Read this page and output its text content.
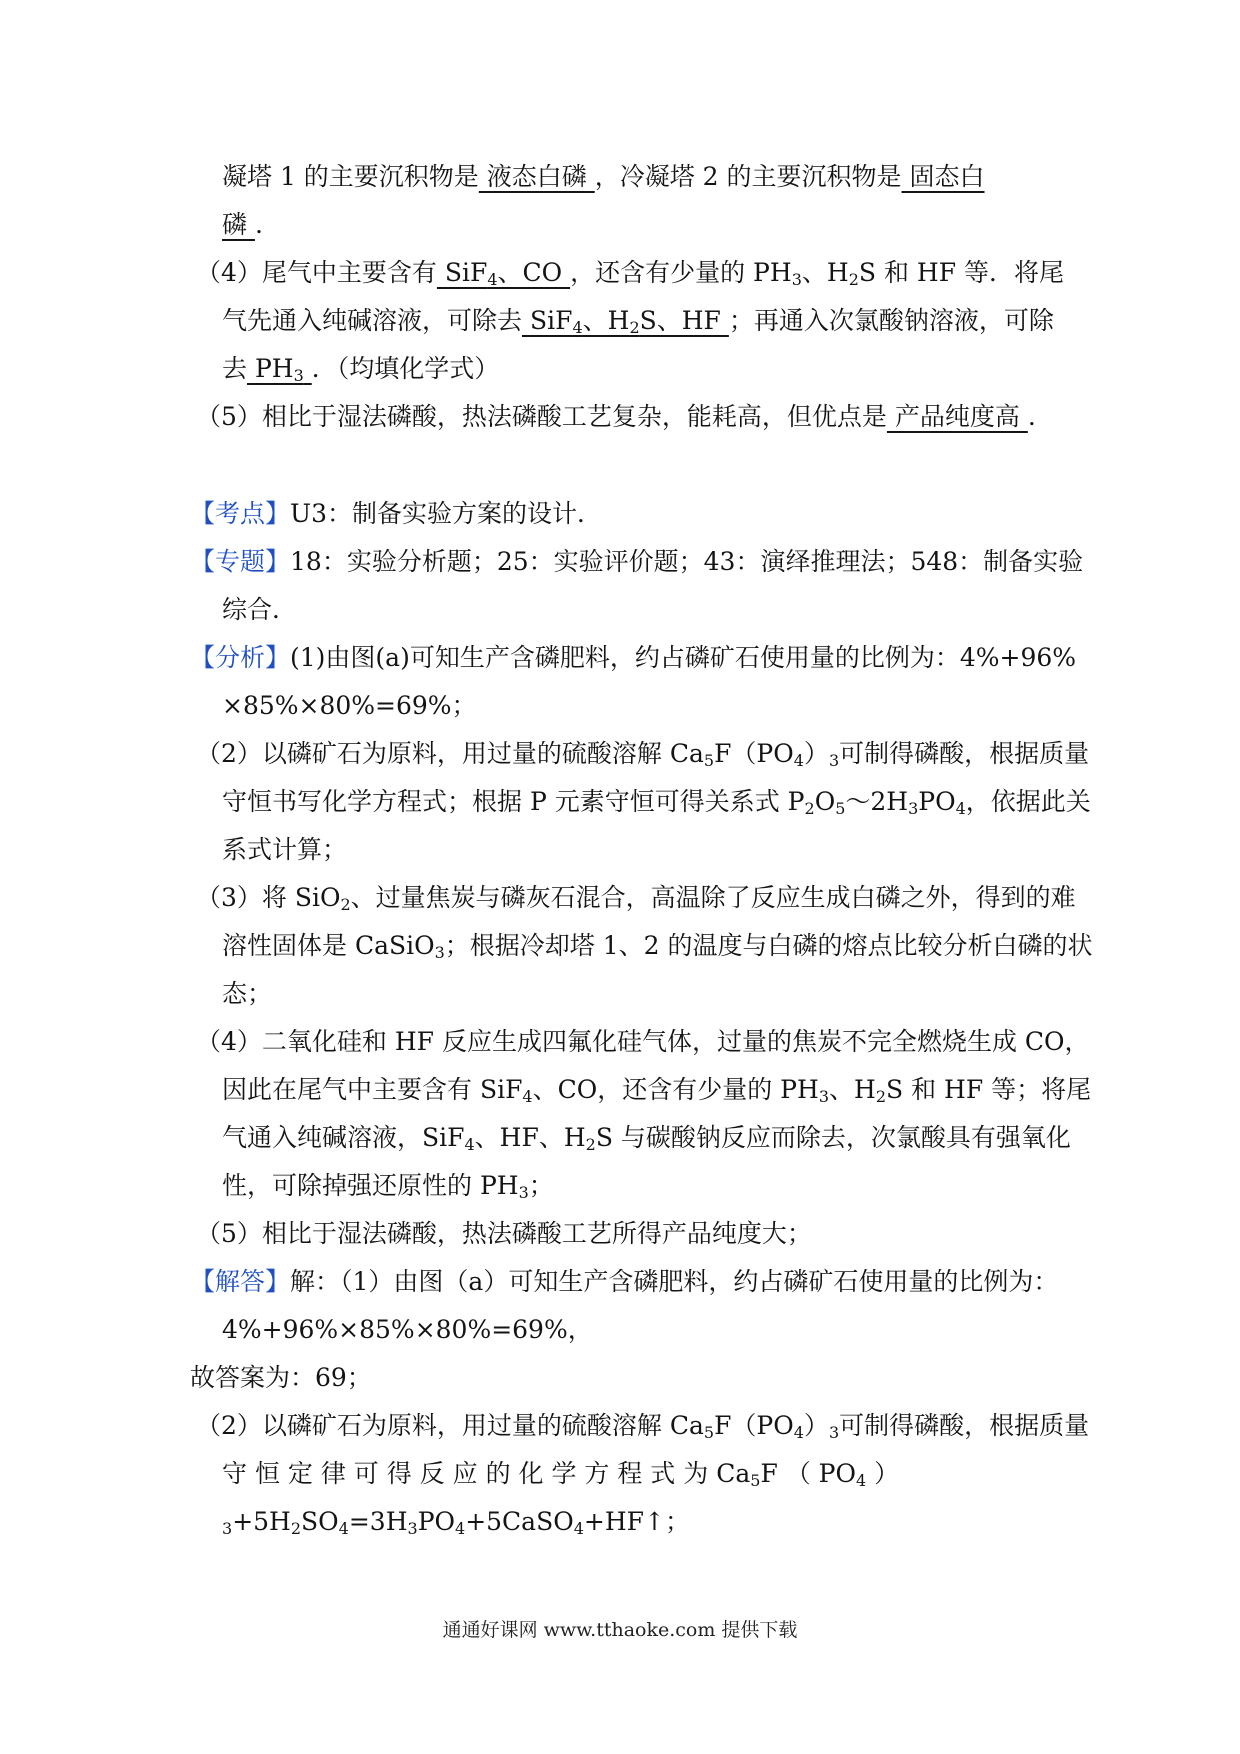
凝塔 1 的主要沉积物是 液态白磷 ，冷凝塔 2 的主要沉积物是 固态白
磷 .
（4）尾气中主要含有 SiF$_4$、CO ，还含有少量的 $PH_3$、$H_2S$ 和 HF 等．将尾
气先通入纯碱溶液，可除去 SiF$_4$、$H_2S$、HF ；再通入次氯酸钠溶液，可除
去 $PH_3$ ．（均填化学式）
（5）相比于湿法磷酸，热法磷酸工艺复杂，能耗高，但优点是 产品纯度高 .
【考点】U3：制备实验方案的设计．
【专题】18：实验分析题；25：实验评价题；43：演绎推理法；548：制备实验
综合．
【分析】(1)由图(a)可知生产含磷肥料，约占磷矿石使用量的比例为：4%+96%
×85%×80%=69%；
（2）以磷矿石为原料，用过量的硫酸溶解 $Ca_5F(PO_4)_3$可制得磷酸，根据质量
守恒书写化学方程式；根据 P 元素守恒可得关系式 $P_2O_5\sim 2H_3PO_4$，依据此关
系式计算；
（3）将 SiO$_2$、过量焦炭与磷灰石混合，高温除了反应生成白磷之外，得到的难
溶性固体是 CaSiO$_3$；根据冷却塔 1、2 的温度与白磷的熔点比较分析白磷的状
态；
（4）二氧化硅和 HF 反应生成四氟化硅气体，过量的焦炭不完全燃烧生成 CO，
因此在尾气中主要含有 SiF$_4$、CO，还含有少量的 $PH_3$、$H_2S$ 和 HF 等；将尾
气通入纯碱溶液，SiF$_4$、HF、$H_2S$ 与碳酸钠反应而除去，次氯酸具有强氧化
性，可除掉强还原性的 $PH_3$；
（5）相比于湿法磷酸，热法磷酸工艺所得产品纯度大；
【解答】解：（1）由图（a）可知生产含磷肥料，约占磷矿石使用量的比例为：
4%+96%×85%×80%=69%，
故答案为：69；
（2）以磷矿石为原料，用过量的硫酸溶解 $Ca_5F(PO_4)_3$可制得磷酸，根据质量
守 恒 定 律 可 得 反 应 的 化 学 方 程 式 为 $Ca_5F$ （ $PO_4$ ）
$_3+5H_2SO_4=3H_3PO_4+5CaSO_4+HF↑$；
通通好课网 www.tthaoke.com 提供下载
